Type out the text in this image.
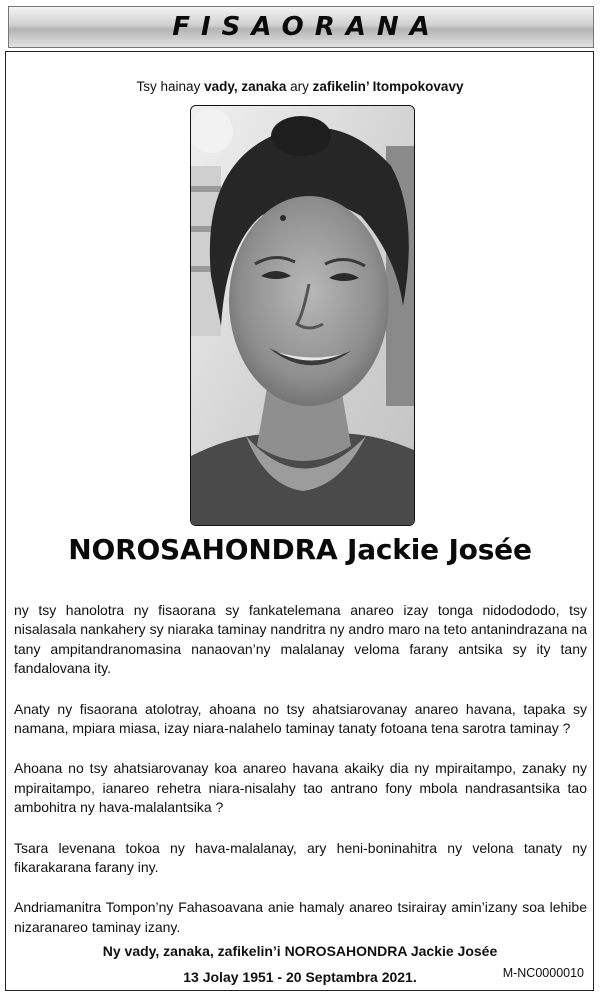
FISAORANA
Tsy hainay vady, zanaka ary zafikelin’ Itompokovavy
NOROSAHONDRA Jackie Josée

ny tsy hanolotra ny fisaorana sy fankatelemana anareo izay tonga nidodododo, tsy nisalasala nankahery sy niaraka taminay nandritra ny andro maro na teto antanindrazana na tany ampitandranomasina nanaovan’ny malalanay veloma farany antsika sy ity tany fandalovana ity.

Anaty ny fisaorana atolotray, ahoana no tsy ahatsiarovanay anareo havana, tapaka sy namana, mpiara miasa, izay niara-nalahelo taminay tanaty fotoana tena sarotra taminay ?

Ahoana no tsy ahatsiarovanay koa anareo havana akaiky dia ny mpiraitampo, zanaky ny mpiraitampo, ianareo rehetra niara-nisalahy tao antrano fony mbola nandrasantsika tao ambohitra ny hava-malalantsika ?

Tsara levenana tokoa ny hava-malalanay, ary heni-boninahitra ny velona tanaty ny fikarakarana farany iny.

Andriamanitra Tompon’ny Fahasoavana anie hamaly anareo tsirairay amin’izany soa lehibe nizaranareo taminay izany.

Ny vady, zanaka, zafikelin’i NOROSAHONDRA Jackie Josée
13 Jolay 1951 - 20 Septambra 2021.	M-NC0000010
